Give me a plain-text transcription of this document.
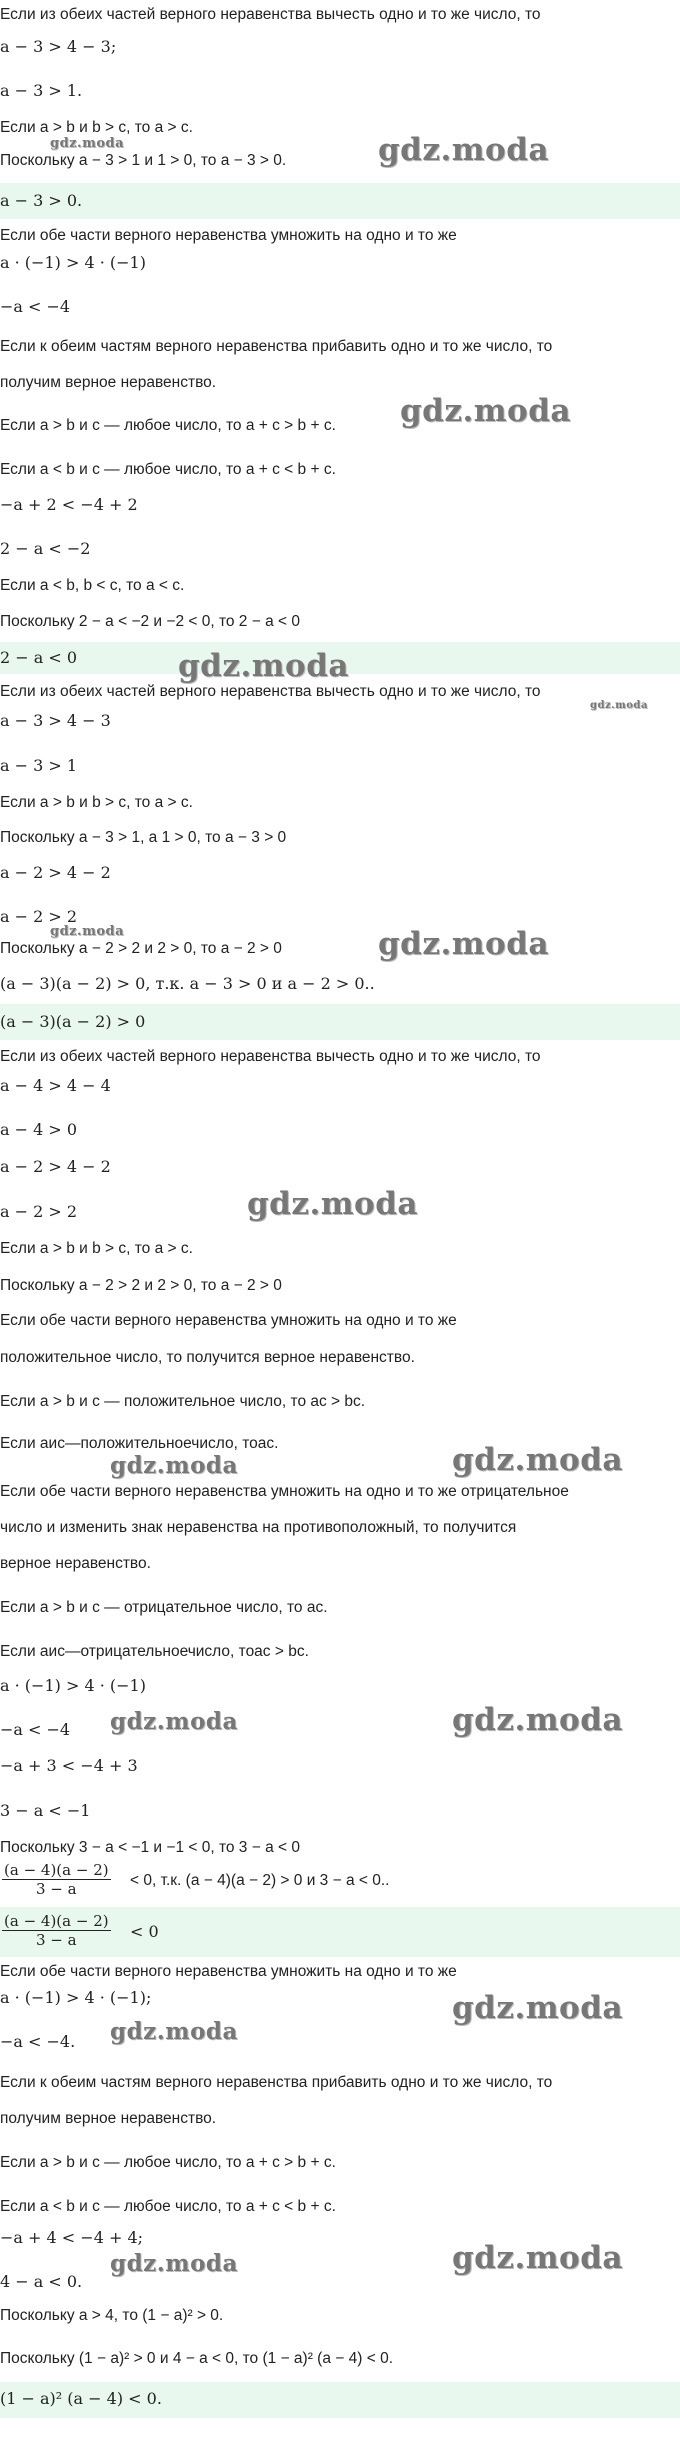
Если из обеих частей верного неравенства вычесть одно и то же число, то
a − 3 > 4 − 3;
a − 3 > 1.
Если a > b и b > c, то a > c.
Поскольку a − 3 > 1 и 1 > 0, то a − 3 > 0.
a − 3 > 0.
Если обе части верного неравенства умножить на одно и то же
a · (−1) > 4 · (−1)
−a < −4
Если к обеим частям верного неравенства прибавить одно и то же число, то
получим верное неравенство.
Если a > b и c — любое число, то a + c > b + c.
Если a < b и c — любое число, то a + c < b + c.
−a + 2 < −4 + 2
2 − a < −2
Если a < b, b < c, то a < c.
Поскольку 2 − a < −2 и −2 < 0, то 2 − a < 0
2 − a < 0
Если из обеих частей верного неравенства вычесть одно и то же число, то
a − 3 > 4 − 3
a − 3 > 1
Если a > b и b > c, то a > c.
Поскольку a − 3 > 1, а 1 > 0, то a − 3 > 0
a − 2 > 4 − 2
a − 2 > 2
Поскольку a − 2 > 2 и 2 > 0, то a − 2 > 0
(a − 3)(a − 2) > 0, т.к. a − 3 > 0 и a − 2 > 0..
(a − 3)(a − 2) > 0
Если из обеих частей верного неравенства вычесть одно и то же число, то
a − 4 > 4 − 4
a − 4 > 0
a − 2 > 4 − 2
a − 2 > 2
Если a > b и b > c, то a > c.
Поскольку a − 2 > 2 и 2 > 0, то a − 2 > 0
Если обе части верного неравенства умножить на одно и то же
положительное число, то получится верное неравенство.
Если a > b и c — положительное число, то ac > bc.
Если aис—положительноечисло, тоас.
Если обе части верного неравенства умножить на одно и то же отрицательное
число и изменить знак неравенства на противоположный, то получится
верное неравенство.
Если a > b и c — отрицательное число, то ac.
Если aис—отрицательноечисло, тоас > bc.
a · (−1) > 4 · (−1)
−a < −4
−a + 3 < −4 + 3
3 − a < −1
Поскольку 3 − a < −1 и −1 < 0, то 3 − a < 0
$\frac{(a - 4)(a - 2)}{3 - a} < 0$, т.к. (a − 4)(a − 2) > 0 и 3 − a < 0..
$\frac{(a - 4)(a - 2)}{3 - a} < 0$
Если обе части верного неравенства умножить на одно и то же
a · (−1) > 4 · (−1);
−a < −4.
Если к обеим частям верного неравенства прибавить одно и то же число, то
получим верное неравенство.
Если a > b и c — любое число, то a + c > b + c.
Если a < b и c — любое число, то a + c < b + c.
−a + 4 < −4 + 4;
4 − a < 0.
Поскольку a > 4, то (1 − a)² > 0.
Поскольку (1 − a)² > 0 и 4 − a < 0, то (1 − a)² (a − 4) < 0.
(1 − a)² (a − 4) < 0.
gdz.moda
gdz.moda
gdz.moda
gdz.moda
gdz.moda
gdz.moda	gdz.moda
gdz.moda
gdz.moda	gdz.moda
gdz.moda	gdz.moda
gdz.moda
gdz.moda
gdz.moda	gdz.moda
